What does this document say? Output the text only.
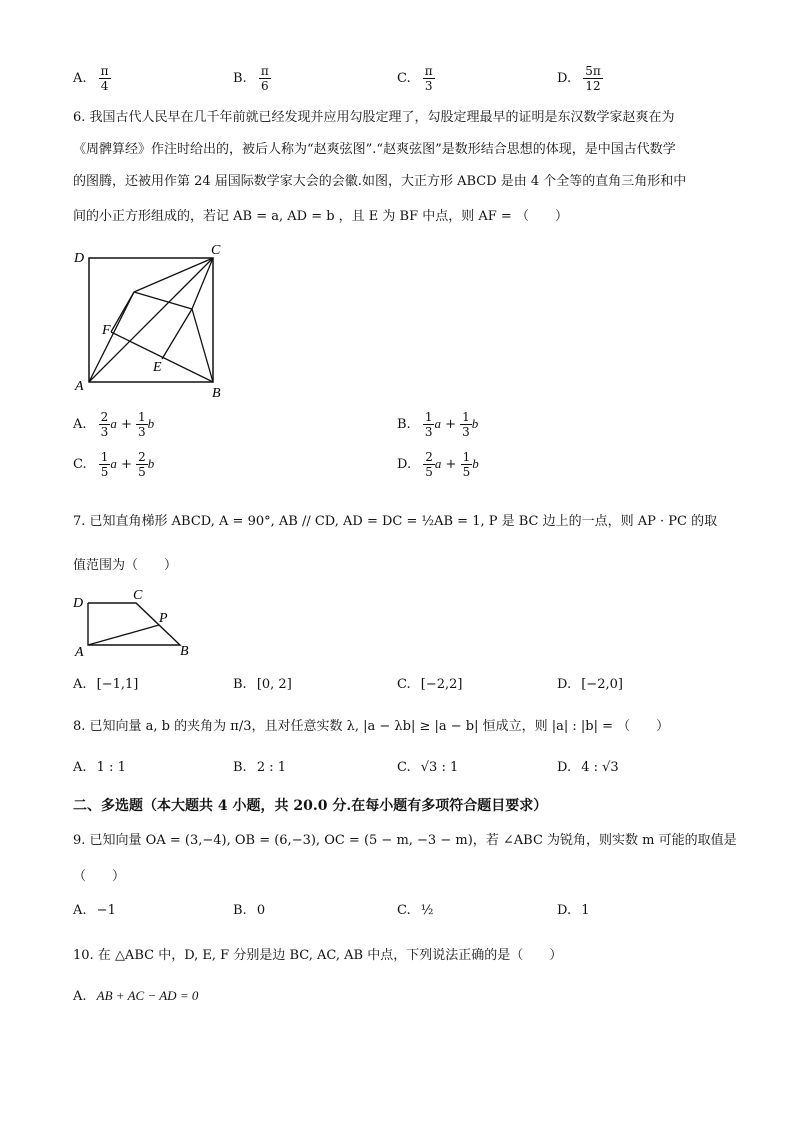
A. $\frac{\pi}{4}$	B. $\frac{\pi}{6}$	C. $\frac{\pi}{3}$	D. $\frac{5\pi}{12}$
6. 我国古代人民早在几千年前就已经发现并应用勾股定理了，勾股定理最早的证明是东汉数学家赵爽在为
《周髀算经》作注时给出的，被后人称为“赵爽弦图”.“赵爽弦图”是数形结合思想的体现，是中国古代数学
的图腾，还被用作第 24 届国际数学家大会的会徽.如图，大正方形 ABCD 是由 4 个全等的直角三角形和中
间的小正方形组成的，若记 AB = a, AD = b ，且 E 为 BF 中点，则 AF = （　　）
D
C
A	B
F
E
A. $\frac{2}{3}$ $a + \frac{1}{3}$ b	B. $\frac{1}{3}$ $a + \frac{1}{3}$ b
C. $\frac{1}{5}$ $a + \frac{2}{5}$ b	D. $\frac{2}{5}$ $a + \frac{1}{5}$ b
7. 已知直角梯形 ABCD, A = 90°, AB // CD, AD = DC = ½AB = 1, P 是 BC 边上的一点，则 AP · PC 的取
值范围为（　　）
D
C
P
A	B
A. [−1,1]	B. [0, 2]	C. [−2,2]	D. [−2,0]
8. 已知向量 a, b 的夹角为 π/3，且对任意实数 λ, |a − λb| ≥ |a − b| 恒成立，则 |a| : |b| = （　　）
A. 1 : 1	B. 2 : 1	C. √3 : 1	D. 4 : √3
二、多选题（本大题共 4 小题，共 20.0 分.在每小题有多项符合题目要求）
9. 已知向量 OA = (3,−4), OB = (6,−3), OC = (5 − m, −3 − m)，若 ∠ABC 为锐角，则实数 m 可能的取值是
（　　）
A. −1	B. 0	C. ½	D. 1
10. 在 △ABC 中，D, E, F 分别是边 BC, AC, AB 中点，下列说法正确的是（　　）
A. AB + AC − AD = 0
